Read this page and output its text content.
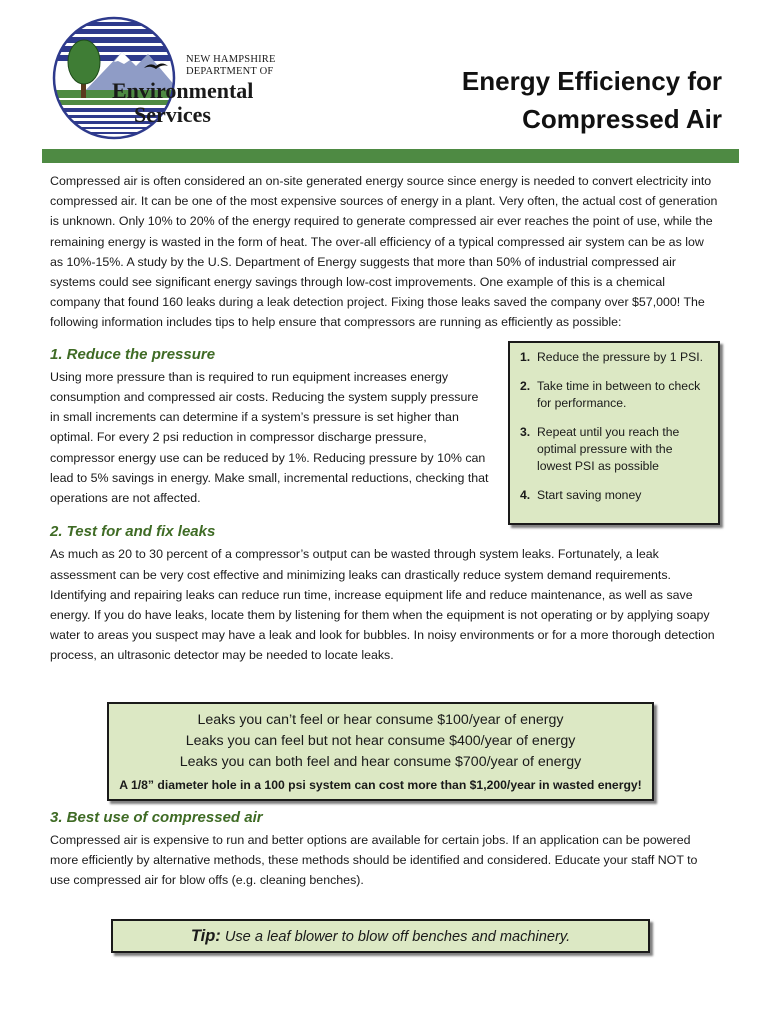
NEW HAMPSHIRE
DEPARTMENT OF
Environmental
Services
Energy Efficiency for
Compressed Air

Compressed air is often considered an on-site generated energy source since energy is needed to convert electricity into compressed air. It can be one of the most expensive sources of energy in a plant. Very often, the actual cost of generation is unknown. Only 10% to 20% of the energy required to generate compressed air ever reaches the point of use, while the remaining energy is wasted in the form of heat. The over-all efficiency of a typical compressed air system can be as low as 10%-15%. A study by the U.S. Department of Energy suggests that more than 50% of industrial compressed air systems could see significant energy savings through low-cost improvements. One example of this is a chemical company that found 160 leaks during a leak detection project. Fixing those leaks saved the company over $57,000! The following information includes tips to help ensure that compressors are running as efficiently as possible:

1. Reduce the pressure

Using more pressure than is required to run equipment increases energy consumption and compressed air costs. Reducing the system supply pressure in small increments can determine if a system’s pressure is set higher than optimal. For every 2 psi reduction in compressor discharge pressure, compressor energy use can be reduced by 1%. Reducing pressure by 10% can lead to 5% savings in energy. Make small, incremental reductions, checking that operations are not affected.

2. Test for and fix leaks

As much as 20 to 30 percent of a compressor’s output can be wasted through system leaks. Fortunately, a leak assessment can be very cost effective and minimizing leaks can drastically reduce system demand requirements. Identifying and repairing leaks can reduce run time, increase equipment life and reduce maintenance, as well as save energy. If you do have leaks, locate them by listening for them when the equipment is not operating or by applying soapy water to areas you suspect may have a leak and look for bubbles. In noisy environments or for a more thorough detection process, an ultrasonic detector may be needed to locate leaks.

3. Best use of compressed air

Compressed air is expensive to run and better options are available for certain jobs. If an application can be powered more efficiently by alternative methods, these methods should be identified and considered. Educate your staff NOT to use compressed air for blow offs (e.g. cleaning benches).

1. Reduce the pressure by 1 PSI.
2. Take time in between to check for performance.
3. Repeat until you reach the optimal pressure with the lowest PSI as possible
4. Start saving money
Leaks you can’t feel or hear consume $100/year of energy
Leaks you can feel but not hear consume $400/year of energy
Leaks you can both feel and hear consume $700/year of energy
A 1/8” diameter hole in a 100 psi system can cost more than $1,200/year in wasted energy!
Tip: Use a leaf blower to blow off benches and machinery.
